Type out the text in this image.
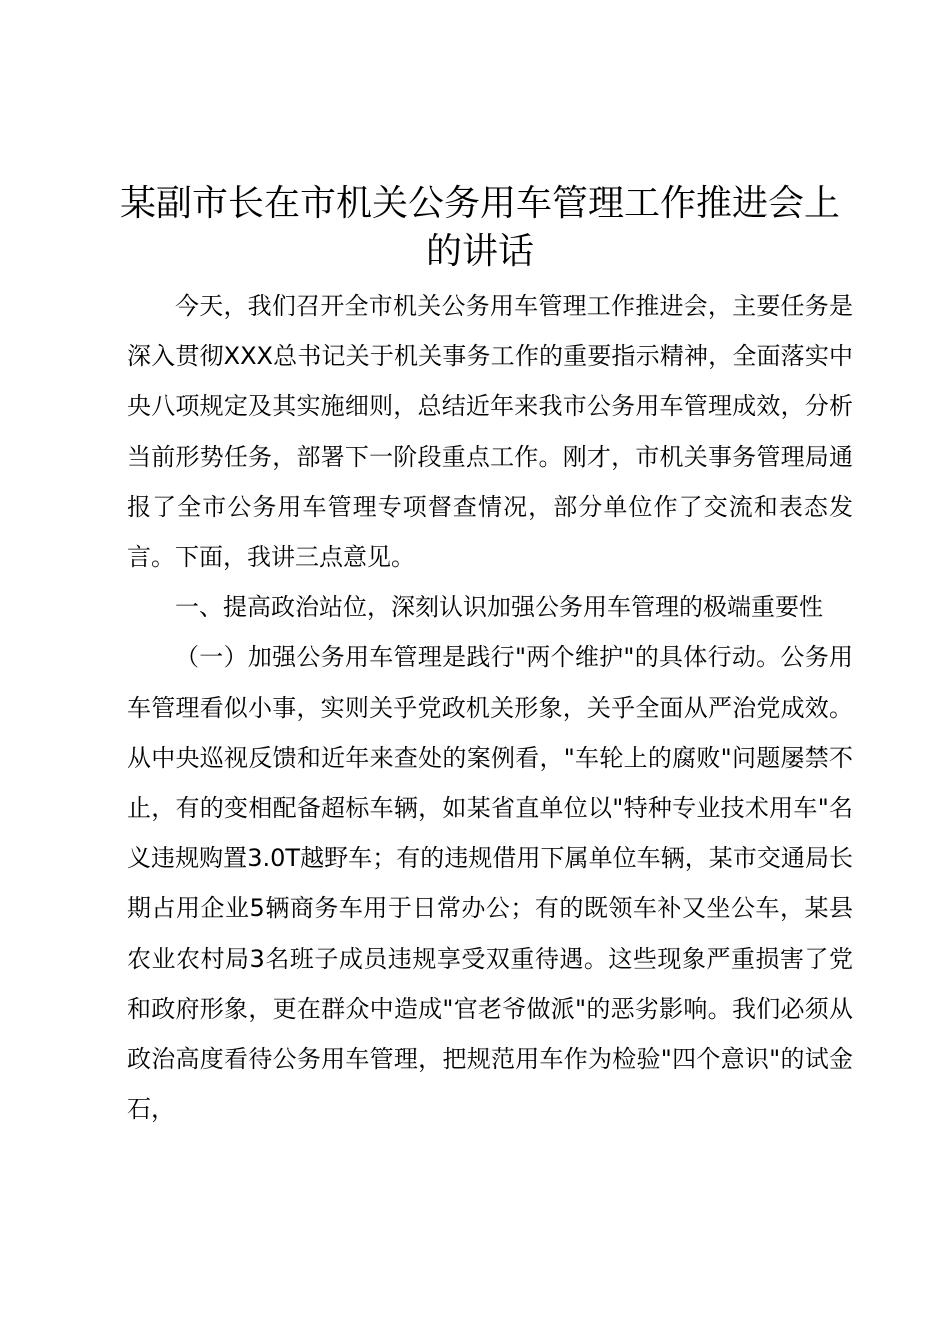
某副市长在市机关公务用车管理工作推进会上的讲话

今天，我们召开全市机关公务用车管理工作推进会，主要任务是深入贯彻XXX总书记关于机关事务工作的重要指示精神，全面落实中央八项规定及其实施细则，总结近年来我市公务用车管理成效，分析当前形势任务，部署下一阶段重点工作。刚才，市机关事务管理局通报了全市公务用车管理专项督查情况，部分单位作了交流和表态发言。下面，我讲三点意见。

一、提高政治站位，深刻认识加强公务用车管理的极端重要性

（一）加强公务用车管理是践行"两个维护"的具体行动。公务用车管理看似小事，实则关乎党政机关形象，关乎全面从严治党成效。从中央巡视反馈和近年来查处的案例看，"车轮上的腐败"问题屡禁不止，有的变相配备超标车辆，如某省直单位以"特种专业技术用车"名义违规购置3.0T越野车；有的违规借用下属单位车辆，某市交通局长期占用企业5辆商务车用于日常办公；有的既领车补又坐公车，某县农业农村局3名班子成员违规享受双重待遇。这些现象严重损害了党和政府形象，更在群众中造成"官老爷做派"的恶劣影响。我们必须从政治高度看待公务用车管理，把规范用车作为检验"四个意识"的试金石，
